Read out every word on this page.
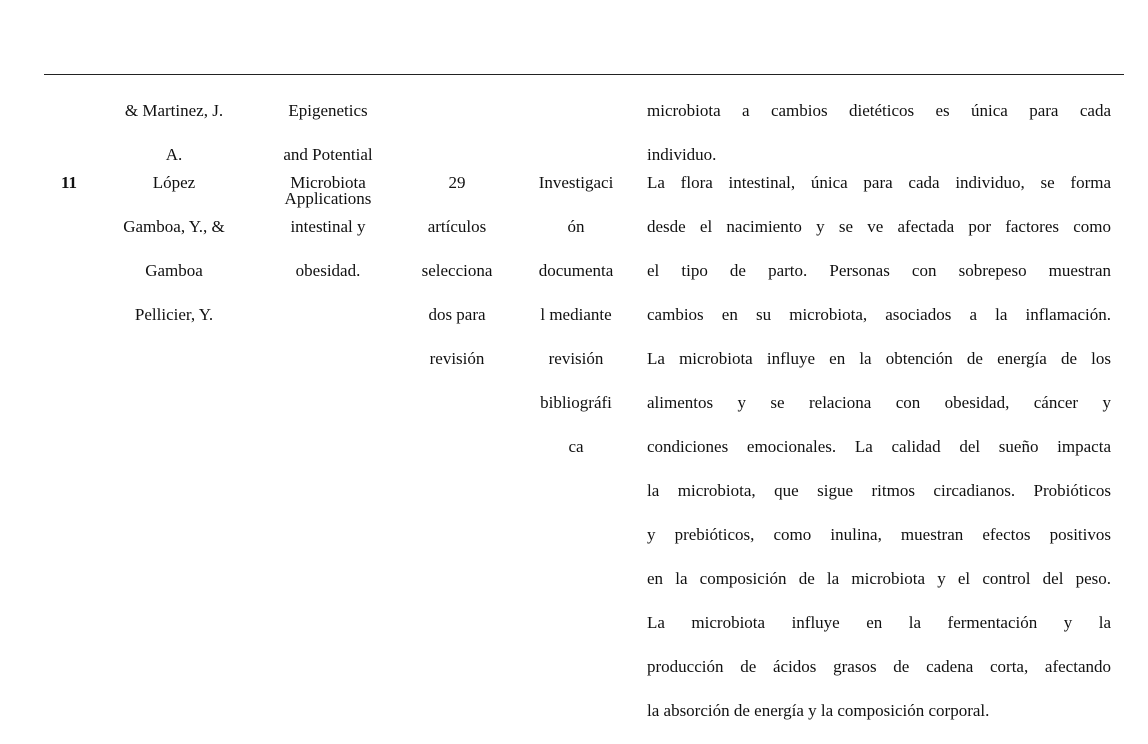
& Martinez, J.

A.

Epigenetics

and Potential

Applications

microbiota a cambios dietéticos es única para cada

individuo.

11	López

Gamboa, Y., &

Gamboa

Pellicier, Y.

Microbiota

intestinal y

obesidad.

29

artículos

selecciona

dos para

revisión

Investigaci

ón

documenta

l mediante

revisión

bibliográfi

ca

La flora intestinal, única para cada individuo, se forma

desde el nacimiento y se ve afectada por factores como

el tipo de parto. Personas con sobrepeso muestran

cambios en su microbiota, asociados a la inflamación.

La microbiota influye en la obtención de energía de los

alimentos y se relaciona con obesidad, cáncer y

condiciones emocionales. La calidad del sueño impacta

la microbiota, que sigue ritmos circadianos. Probióticos

y prebióticos, como inulina, muestran efectos positivos

en la composición de la microbiota y el control del peso.

La microbiota influye en la fermentación y la

producción de ácidos grasos de cadena corta, afectando

la absorción de energía y la composición corporal.
